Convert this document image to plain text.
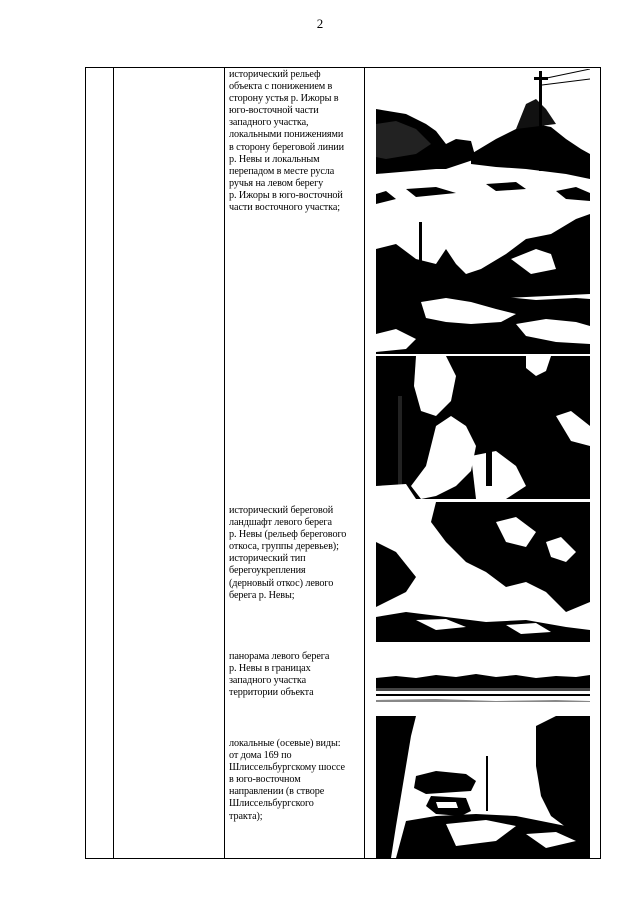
2

исторический рельеф

объекта с понижением в

сторону устья р. Ижоры в

юго-восточной части

западного участка,

локальными понижениями

в сторону береговой линии

р. Невы и локальным

перепадом в месте русла

ручья на левом берегу

р. Ижоры в юго-восточной

части восточного участка;

исторический береговой

ландшафт левого берега

р. Невы (рельеф берегового

откоса, группы деревьев);

исторический тип

берегоукрепления

(дерновый откос) левого

берега р. Невы;

панорама левого берега

р. Невы в границах

западного участка

территории объекта

локальные (осевые) виды:

от дома 169 по

Шлиссельбургскому шоссе

в юго-восточном

направлении (в створе

Шлиссельбургского

тракта);
